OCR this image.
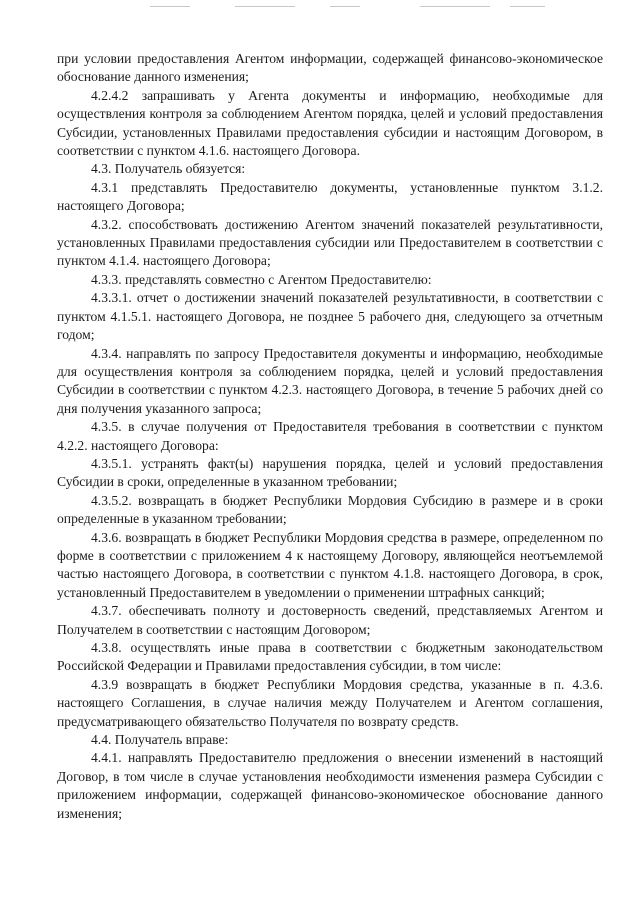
при условии предоставления Агентом информации, содержащей финансово-экономическое обоснование данного изменения;

4.2.4.2 запрашивать у Агента документы и информацию, необходимые для осуществления контроля за соблюдением Агентом порядка, целей и условий предоставления Субсидии, установленных Правилами предоставления субсидии и настоящим Договором, в соответствии с пунктом 4.1.6. настоящего Договора.

4.3. Получатель обязуется:

4.3.1 представлять Предоставителю документы, установленные пунктом 3.1.2. настоящего Договора;

4.3.2. способствовать достижению Агентом значений показателей результативности, установленных Правилами предоставления субсидии или Предоставителем в соответствии с пунктом 4.1.4. настоящего Договора;

4.3.3. представлять совместно с Агентом Предоставителю:

4.3.3.1. отчет о достижении значений показателей результативности, в соответствии с пунктом 4.1.5.1. настоящего Договора, не позднее 5 рабочего дня, следующего за отчетным годом;

4.3.4. направлять по запросу Предоставителя документы и информацию, необходимые для осуществления контроля за соблюдением порядка, целей и условий предоставления Субсидии в соответствии с пунктом 4.2.3. настоящего Договора, в течение 5 рабочих дней со дня получения указанного запроса;

4.3.5. в случае получения от Предоставителя требования в соответствии с пунктом 4.2.2. настоящего Договора:

4.3.5.1. устранять факт(ы) нарушения порядка, целей и условий предоставления Субсидии в сроки, определенные в указанном требовании;

4.3.5.2. возвращать в бюджет Республики Мордовия Субсидию в размере и в сроки определенные в указанном требовании;

4.3.6. возвращать в бюджет Республики Мордовия средства в размере, определенном по форме в соответствии с приложением 4 к настоящему Договору, являющейся неотъемлемой частью настоящего Договора, в соответствии с пунктом 4.1.8. настоящего Договора, в срок, установленный Предоставителем в уведомлении о применении штрафных санкций;

4.3.7. обеспечивать полноту и достоверность сведений, представляемых Агентом и Получателем в соответствии с настоящим Договором;

4.3.8. осуществлять иные права в соответствии с бюджетным законодательством Российской Федерации и Правилами предоставления субсидии, в том числе:

4.3.9 возвращать в бюджет Республики Мордовия средства, указанные в п. 4.3.6. настоящего Соглашения, в случае наличия между Получателем и Агентом соглашения, предусматривающего обязательство Получателя по возврату средств.

4.4. Получатель вправе:

4.4.1. направлять Предоставителю предложения о внесении изменений в настоящий Договор, в том числе в случае установления необходимости изменения размера Субсидии с приложением информации, содержащей финансово-экономическое обоснование данного изменения;
